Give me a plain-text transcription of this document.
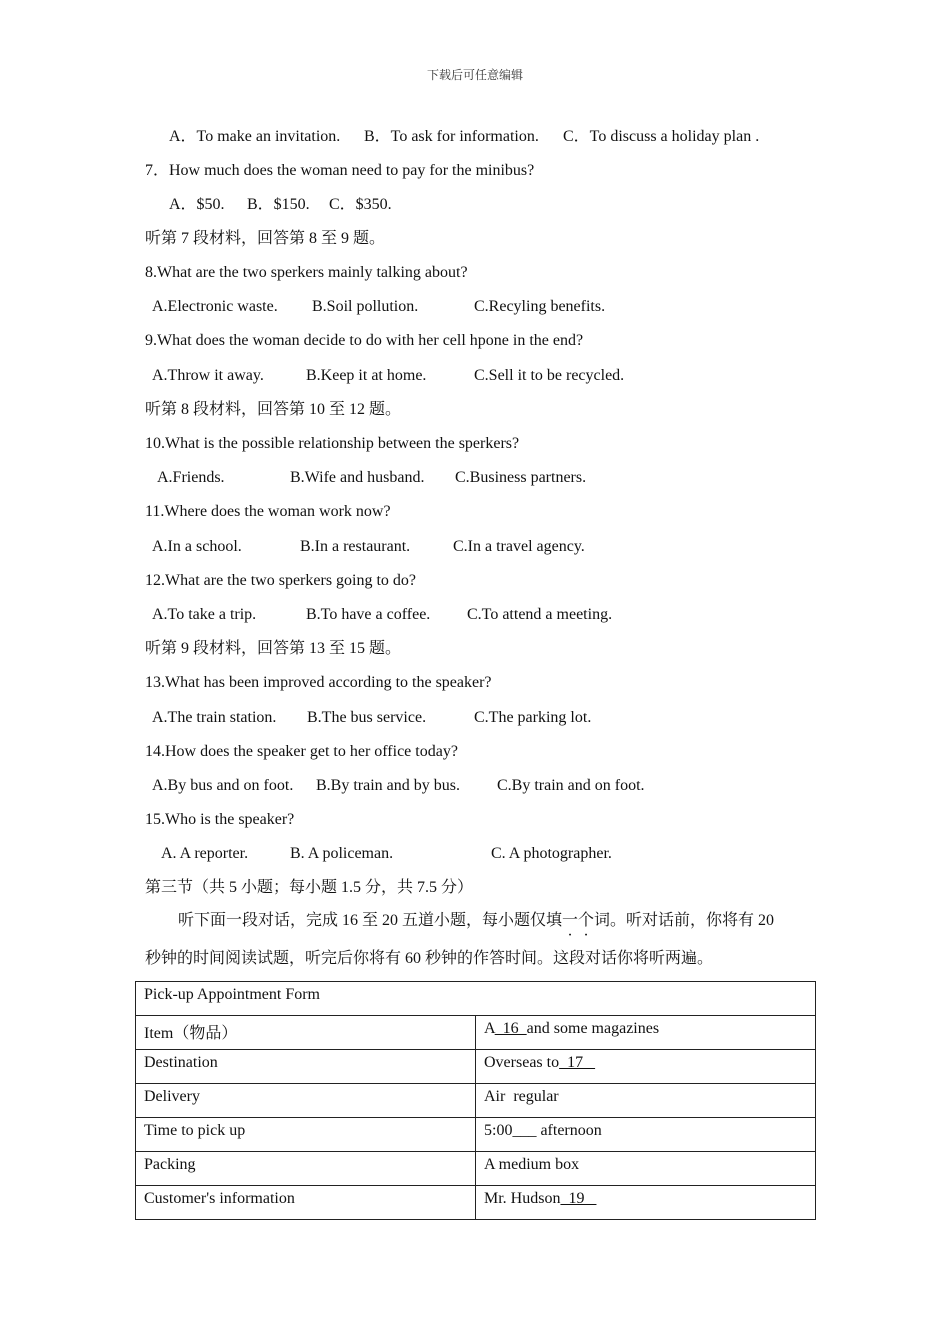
下载后可任意编辑
A．To make an invitation. B．To ask for information. C．To discuss a holiday plan .
7．How much does the woman need to pay for the minibus?
A．$50. B．$150. C．$350.
听第 7 段材料，回答第 8 至 9 题。
8.What are the two sperkers mainly talking about?
A.Electronic waste. B.Soil pollution.	C.Recyling benefits.
9.What does the woman decide to do with her cell hpone in the end?
A.Throw it away.	B.Keep it at home.	C.Sell it to be recycled.
听第 8 段材料，回答第 10 至 12 题。
10.What is the possible relationship between the sperkers?
A.Friends.	B.Wife and husband. C.Business partners.
11.Where does the woman work now?
A.In a school.	B.In a restaurant.	C.In a travel agency.
12.What are the two sperkers going to do?
A.To take a trip.	B.To have a coffee. C.To attend a meeting.
听第 9 段材料，回答第 13 至 15 题。
13.What has been improved according to the speaker?
A.The train station. B.The bus service.	C.The parking lot.
14.How does the speaker get to her office today?
A.By bus and on foot. B.By train and by bus. C.By train and on foot.
15.Who is the speaker?
A. A reporter.	B. A policeman.	C. A photographer.
第三节（共 5 小题；每小题 1.5 分，共 7.5 分）
听下面一段对话，完成 16 至 20 五道小题，每小题仅填一个词。听对话前，你将有 20
秒钟的时间阅读试题，听完后你将有 60 秒钟的作答时间。这段对话你将听两遍。
Pick-up Appointment Form	
Item（物品）	A  16  and some magazines
Destination	Overseas to  17
Delivery	Air  regular
Time to pick up	5:00___ afternoon
Packing	A medium box
Customer's information	Mr. Hudson  19
